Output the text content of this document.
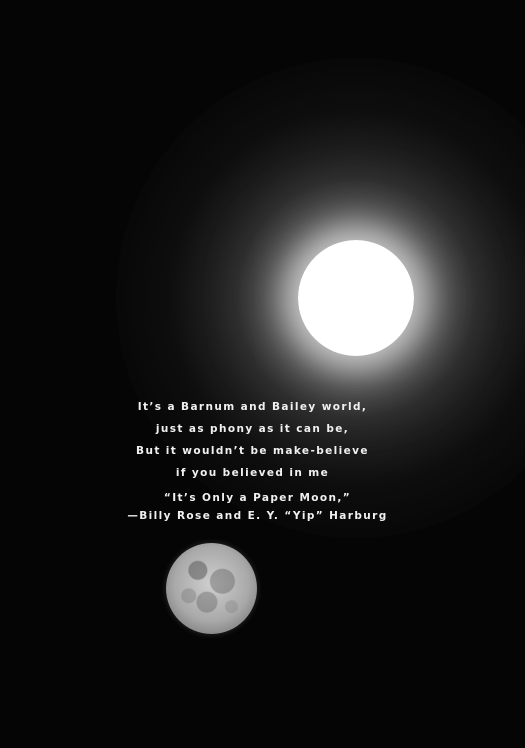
It’s a Barnum and Bailey world,
just as phony as it can be,
But it wouldn’t be make-believe
if you believed in me
“It’s Only a Paper Moon,”
—Billy Rose and E. Y. “Yip” Harburg
